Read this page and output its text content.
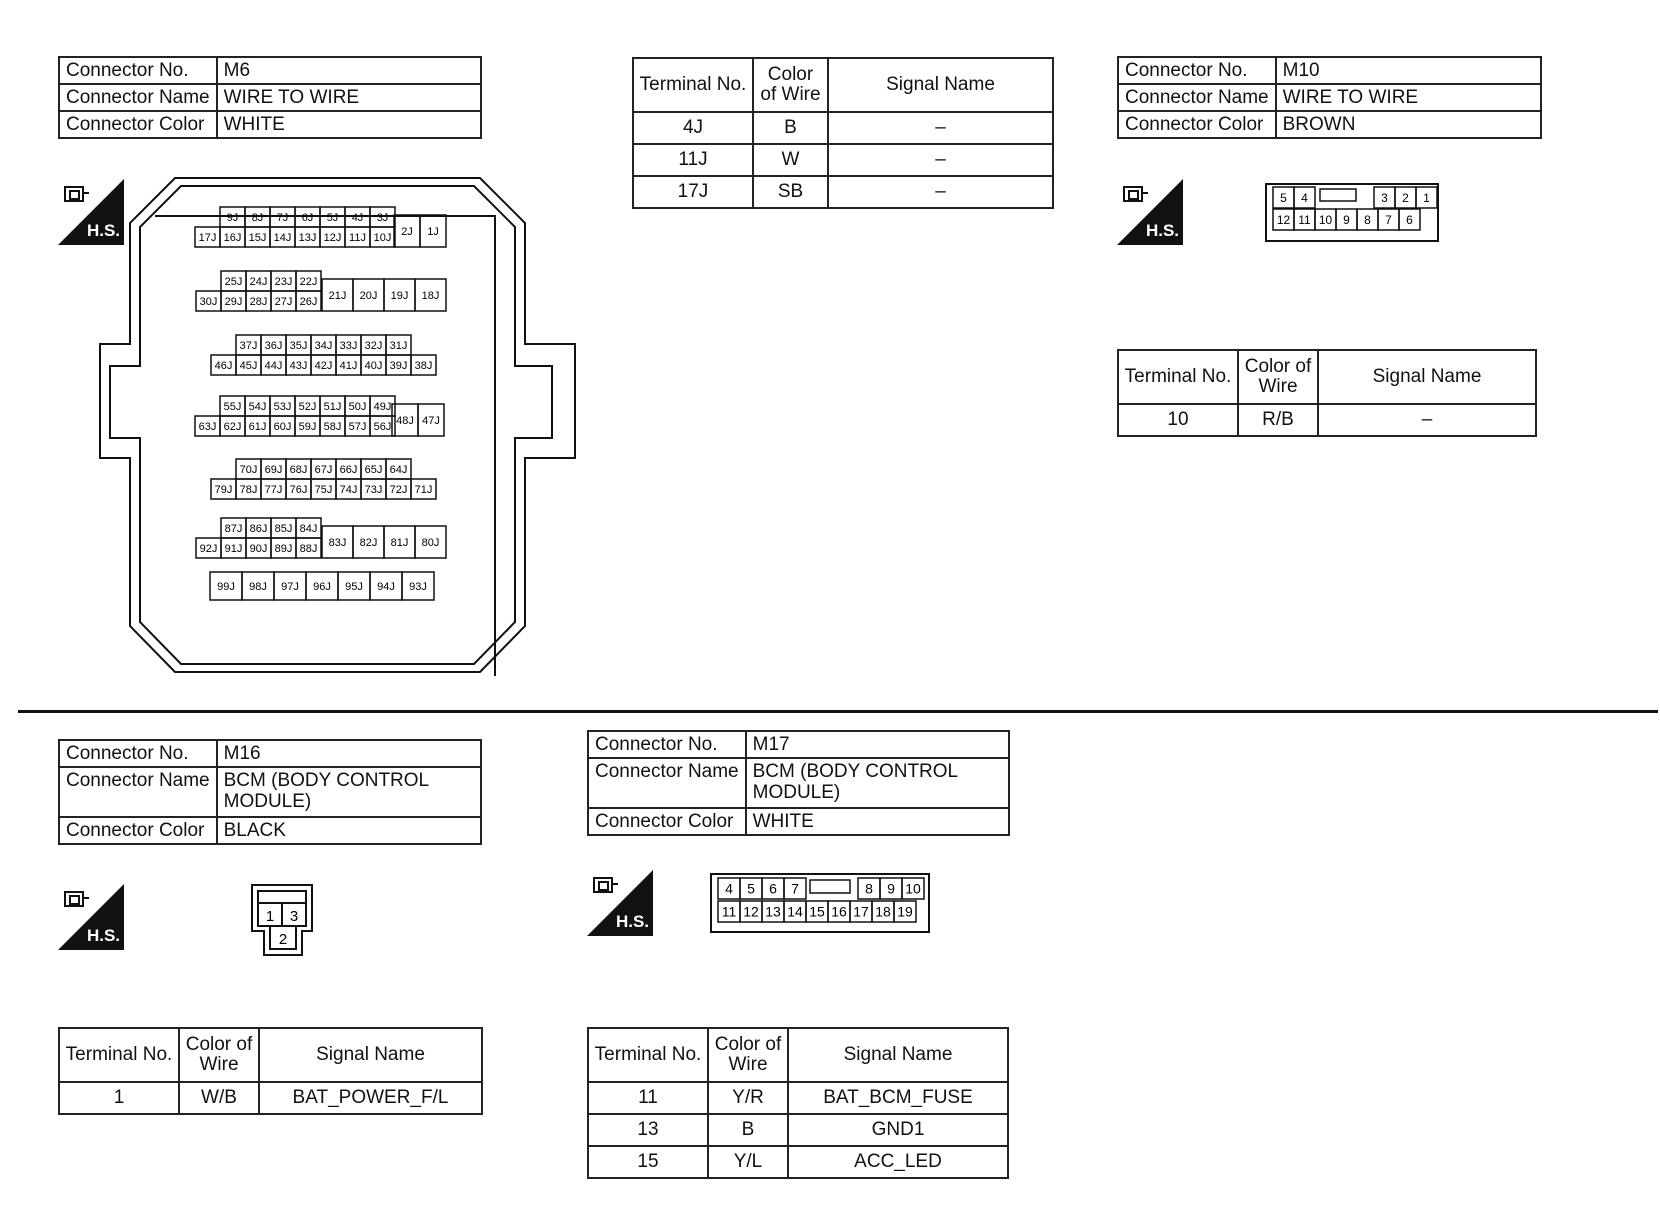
Connector No.	M6
Connector Name	WIRE TO WIRE
Connector Color	WHITE
H.S.
9J 8J 7J 6J 5J 4J 3J
17J 16J 15J 14J 13J 12J 11J 10J 2J 1J
25J 24J 23J 22J
30J 29J 28J 27J 26J
21J 20J 19J 18J
37J 36J 35J 34J 33J 32J 31J
46J 45J 44J 43J 42J 41J 40J 39J 38J
55J 54J 53J 52J 51J 50J 49J
63J 62J 61J 60J 59J 58J 57J 56J 48J 47J
70J 69J 68J 67J 66J 65J 64J
79J 78J 77J 76J 75J 74J 73J 72J 71J
87J 86J 85J 84J
92J 91J 90J 89J 88J 83J 82J 81J 80J
99J 98J 97J 96J 95J 94J 93J
Terminal No.	Color of Wire	Signal Name
4J	B	–
11J	W	–
17J	SB	–
Connector No.	M10
Connector Name	WIRE TO WIRE
Connector Color	BROWN
H.S.
5 4	3 2 1
12 11 10 9 8 7 6
Terminal No.	Color of Wire	Signal Name
10	R/B	–
Connector No.	M16
Connector Name	BCM (BODY CONTROL MODULE)
Connector Color	BLACK
H.S.
1 3
2
Terminal No.	Color of Wire	Signal Name
1	W/B	BAT_POWER_F/L
Connector No.	M17
Connector Name	BCM (BODY CONTROL MODULE)
Connector Color	WHITE
H.S.
4 5 6 7	8 9 10
11 12 13 14 15 16 17 18 19
Terminal No.	Color of Wire	Signal Name
11	Y/R	BAT_BCM_FUSE
13	B	GND1
15	Y/L	ACC_LED
